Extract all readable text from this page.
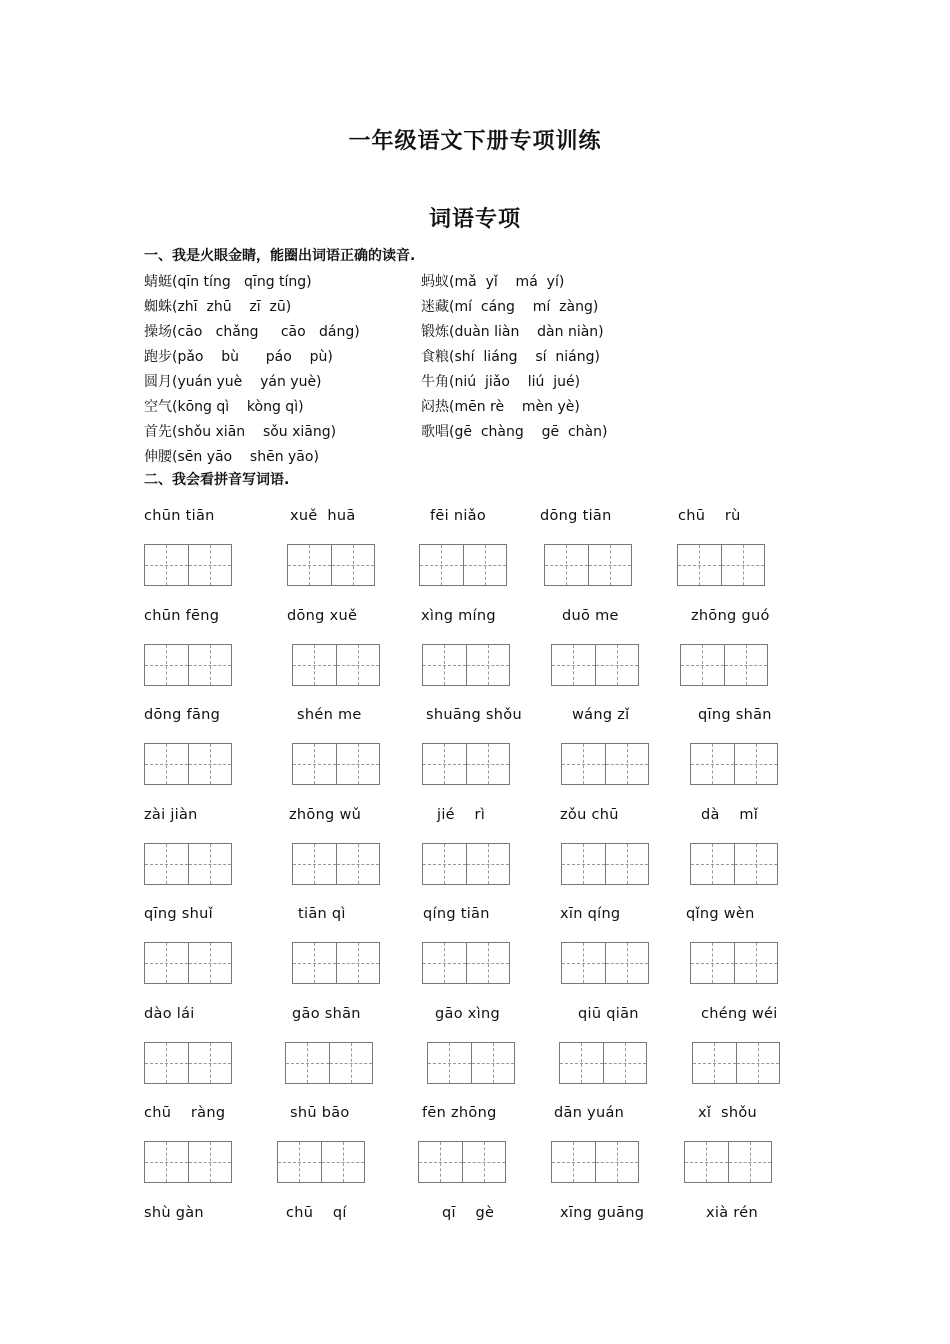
一年级语文下册专项训练
词语专项
一、我是火眼金睛，能圈出词语正确的读音.
蜻蜓(qīn tíng   qīng tíng)
蜘蛛(zhī  zhū    zī  zū)
操场(cāo   chǎng     cāo   dáng)
跑步(pǎo    bù      páo    pù)
圆月(yuán yuè    yán yuè)
空气(kōng qì    kòng qì)
首先(shǒu xiān    sǒu xiāng)
伸腰(sēn yāo    shēn yāo)
蚂蚁(mǎ  yǐ    má  yí)
迷藏(mí  cáng    mí  zàng)
锻炼(duàn liàn    dàn niàn)
食粮(shí  liáng    sí  niáng)
牛角(niú  jiǎo    liú  jué)
闷热(mēn rè    mèn yè)
歌唱(gē  chàng    gē  chàn)
二、我会看拼音写词语.
chūn tiān	xuě  huā	fēi niǎo	dōng tiān	chū    rù
chūn fēng	dōng xuě	xìng míng	duō me	zhōng guó
dōng fāng	shén me	shuāng shǒu	wáng zǐ	qīng shān
zài jiàn	zhōng wǔ	jié    rì	zǒu chū	dà    mǐ
qīng shuǐ	tiān qì	qíng tiān	xīn qíng	qǐng wèn
dào lái	gāo shān	gāo xìng	qiū qiān	chéng wéi
chū    ràng	shū bāo	fēn zhōng	dān yuán	xǐ  shǒu
shù gàn	chū    qí	qī    gè	xīng guāng	xià rén
